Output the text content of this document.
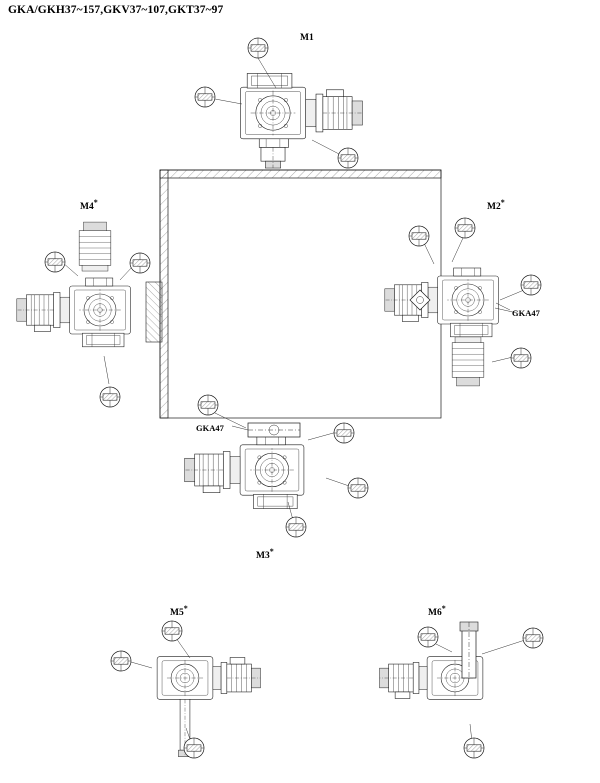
GKA/GKH37~157,GKV37~107,GKT37~97
M1
M2*
M3*
M4*
M5*	M6*
GKA47
GKA47
